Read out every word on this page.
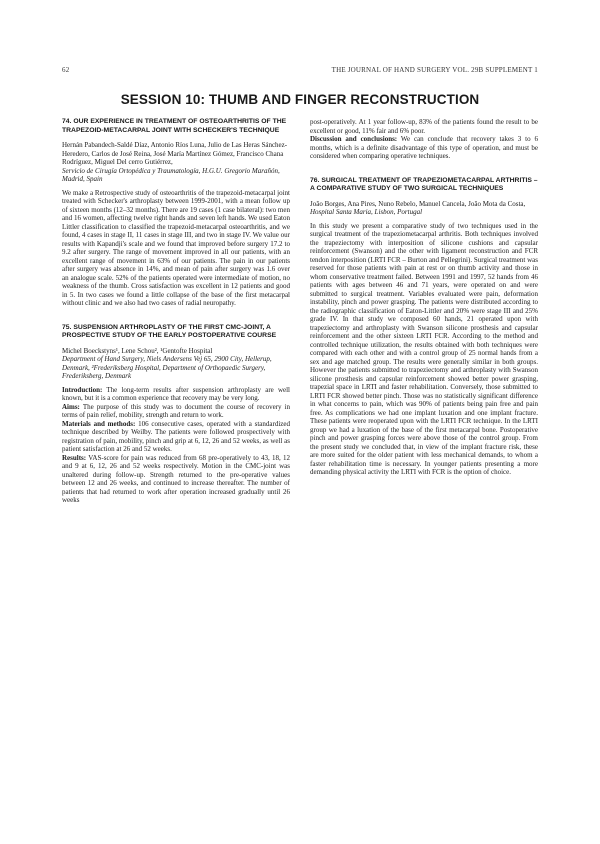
62	THE JOURNAL OF HAND SURGERY VOL. 29B SUPPLEMENT 1
SESSION 10: THUMB AND FINGER RECONSTRUCTION
74. OUR EXPERIENCE IN TREATMENT OF OSTEOARTHRITIS OF THE TRAPEZOID-METACARPAL JOINT WITH SCHECKER'S TECHNIQUE

Hernán Pabandech-Saldé Díaz, Antonio Ríos Luna, Julio de Las Heras Sánchez-Heredero, Carlos de José Reina, José María Martínez Gómez, Francisco Chana Rodríguez, Miguel Del cerro Gutiérrez,

Servicio de Cirugía Ortopédica y Traumatología, H.G.U. Gregorio Marañón, Madrid, Spain

We make a Retrospective study of osteoarthritis of the trapezoid-metacarpal joint treated with Schecker's arthroplasty between 1999-2001, with a mean follow up of sixteen months (12–32 months). There are 19 cases (1 case bilateral): two men and 16 women, affecting twelve right hands and seven left hands. We used Eaton Littler classification to classified the trapezoid-metacarpal osteoarthritis, and we found, 4 cases in stage II, 11 cases in stage III, and two in stage IV. We value our results with Kapandji's scale and we found that improved before surgery 17.2 to 9.2 after surgery. The range of movement improved in all our patients, with an excellent range of movement in 63% of our patients. The pain in our patients after surgery was absence in 14%, and mean of pain after surgery was 1.6 over an analogue scale. 52% of the patients operated were intermediate of motion, no weakness of the thumb. Cross satisfaction was excellent in 12 patients and good in 5. In two cases we found a little collapse of the base of the first metacarpal without clinic and we also had two cases of radial neuropathy.

75. SUSPENSION ARTHROPLASTY OF THE FIRST CMC-JOINT, A PROSPECTIVE STUDY OF THE EARLY POSTOPERATIVE COURSE

Michel Boeckstyns¹, Lene Schou², ¹Gentofte Hospital

Department of Hand Surgery, Niels Andersens Vej 65, 2900 City, Hellerup, Denmark, ²Frederiksberg Hospital, Department of Orthopaedic Surgery, Frederiksberg, Denmark

Introduction: The long-term results after suspension arthroplasty are well known, but it is a common experience that recovery may be very long.

Aims: The purpose of this study was to document the course of recovery in terms of pain relief, mobility, strength and return to work.

Materials and methods: 106 consecutive cases, operated with a standardized technique described by Weilby. The patients were followed prospectively with registration of pain, mobility, pinch and grip at 6, 12, 26 and 52 weeks, as well as patient satisfaction at 26 and 52 weeks.

Results: VAS-score for pain was reduced from 68 pre-operatively to 43, 18, 12 and 9 at 6, 12, 26 and 52 weeks respectively. Motion in the CMC-joint was unaltered during follow-up. Strength returned to the pre-operative values between 12 and 26 weeks, and continued to increase thereafter. The number of patients that had returned to work after operation increased gradually until 26 weeks

post-operatively. At 1 year follow-up, 83% of the patients found the result to be excellent or good, 11% fair and 6% poor.

Discussion and conclusions: We can conclude that recovery takes 3 to 6 months, which is a definite disadvantage of this type of operation, and must be considered when comparing operative techniques.

76. SURGICAL TREATMENT OF TRAPEZIOMETACARPAL ARTHRITIS – A COMPARATIVE STUDY OF TWO SURGICAL TECHNIQUES

João Borges, Ana Pires, Nuno Rebelo, Manuel Cancela, João Mota da Costa, Hospital Santa Maria, Lisbon, Portugal

In this study we present a comparative study of two techniques used in the surgical treatment of the trapeziometacarpal arthritis. Both techniques involved the trapeziectomy with interposition of silicone cushions and capsular reinforcement (Swanson) and the other with ligament reconstruction and FCR tendon interposition (LRTI FCR – Burton and Pellegrini). Surgical treatment was reserved for those patients with pain at rest or on thumb activity and those in whom conservative treatment failed. Between 1991 and 1997, 52 hands from 46 patients with ages between 46 and 71 years, were operated on and were submitted to surgical treatment. Variables evaluated were pain, deformation instability, pinch and power grasping. The patients were distributed according to the radiographic classification of Eaton-Littler and 20% were stage III and 25% grade IV. In that study we composed 60 hands, 21 operated upon with trapeziectomy and arthroplasty with Swanson silicone prosthesis and capsular reinforcement and the other sixteen LRTI FCR. According to the method and controlled technique utilization, the results obtained with both techniques were compared with each other and with a control group of 25 normal hands from a sex and age matched group. The results were generally similar in both groups. However the patients submitted to trapeziectomy and arthroplasty with Swanson silicone prosthesis and capsular reinforcement showed better power grasping, trapezial space in LRTI and faster rehabilitation. Conversely, those submitted to LRTI FCR showed better pinch. Those was no statistically significant difference in what concerns to pain, which was 90% of patients being pain free and pain free. As complications we had one implant luxation and one implant fracture. These patients were reoperated upon with the LRTI FCR technique. In the LRTI group we had a luxation of the base of the first metacarpal bone. Postoperative pinch and power grasping forces were above those of the control group. From the present study we concluded that, in view of the implant fracture risk, these are more suited for the older patient with less mechanical demands, to whom a faster rehabilitation time is necessary. In younger patients presenting a more demanding physical activity the LRTI with FCR is the option of choice.
